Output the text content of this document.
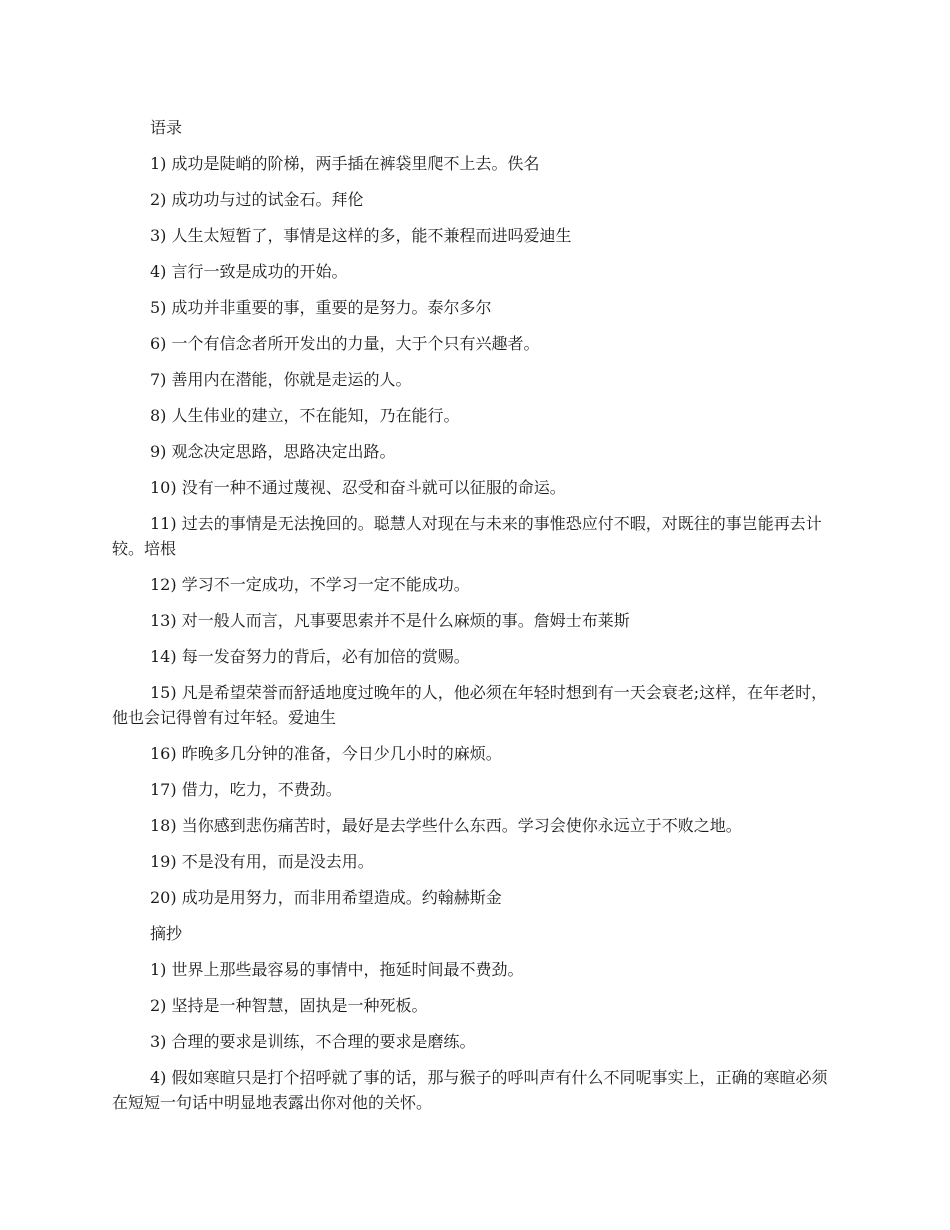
语录

1) 成功是陡峭的阶梯，两手插在裤袋里爬不上去。佚名

2) 成功功与过的试金石。拜伦

3) 人生太短暂了，事情是这样的多，能不兼程而进吗爱迪生

4) 言行一致是成功的开始。

5) 成功并非重要的事，重要的是努力。泰尔多尔

6) 一个有信念者所开发出的力量，大于个只有兴趣者。

7) 善用内在潜能，你就是走运的人。

8) 人生伟业的建立，不在能知，乃在能行。

9) 观念决定思路，思路决定出路。

10) 没有一种不通过蔑视、忍受和奋斗就可以征服的命运。

11) 过去的事情是无法挽回的。聪慧人对现在与未来的事惟恐应付不暇，对既往的事岂能再去计较。培根

12) 学习不一定成功，不学习一定不能成功。

13) 对一般人而言，凡事要思索并不是什么麻烦的事。詹姆士布莱斯

14) 每一发奋努力的背后，必有加倍的赏赐。

15) 凡是希望荣誉而舒适地度过晚年的人，他必须在年轻时想到有一天会衰老;这样，在年老时，他也会记得曾有过年轻。爱迪生

16) 昨晚多几分钟的准备，今日少几小时的麻烦。

17) 借力，吃力，不费劲。

18) 当你感到悲伤痛苦时，最好是去学些什么东西。学习会使你永远立于不败之地。

19) 不是没有用，而是没去用。

20) 成功是用努力，而非用希望造成。约翰赫斯金

摘抄

1) 世界上那些最容易的事情中，拖延时间最不费劲。

2) 坚持是一种智慧，固执是一种死板。

3) 合理的要求是训练，不合理的要求是磨练。

4) 假如寒暄只是打个招呼就了事的话，那与猴子的呼叫声有什么不同呢事实上，正确的寒暄必须在短短一句话中明显地表露出你对他的关怀。
